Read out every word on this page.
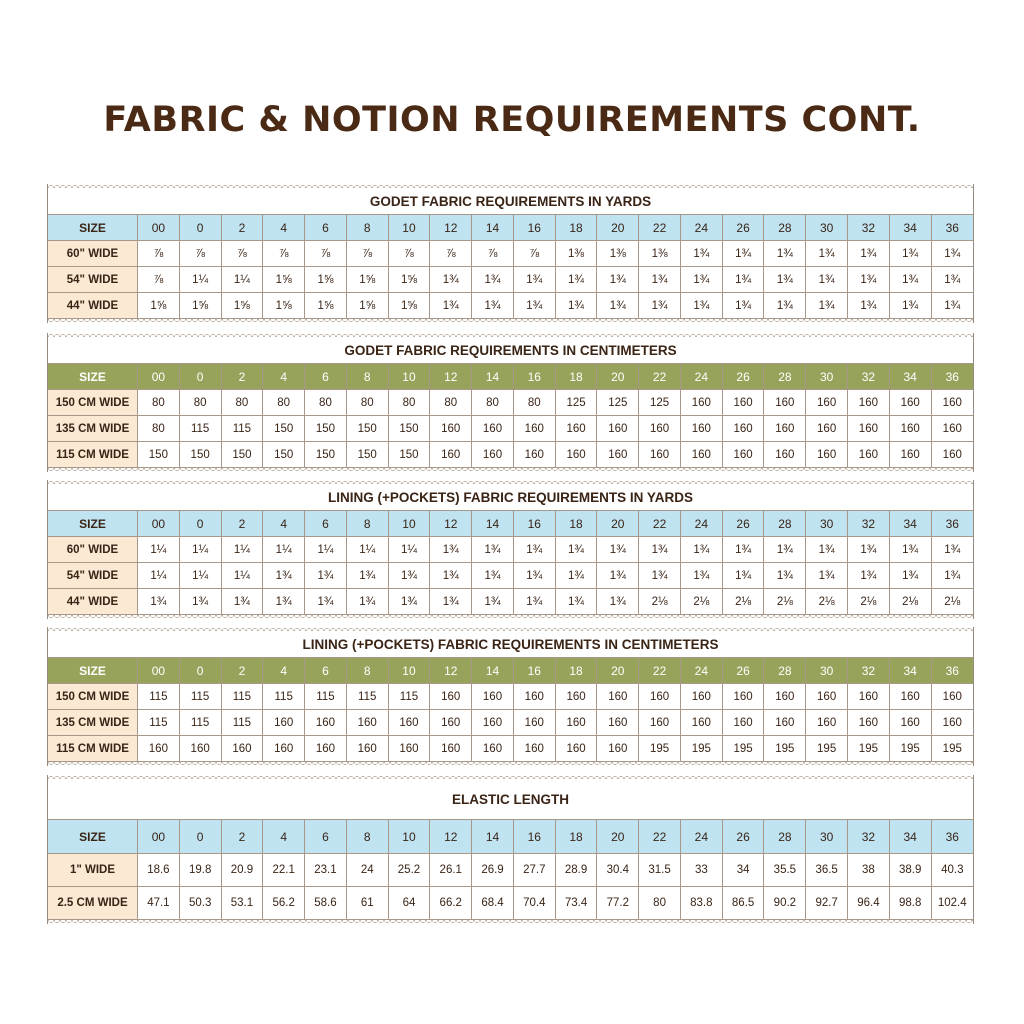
FABRIC & NOTION REQUIREMENTS CONT.
GODET FABRIC REQUIREMENTS IN YARDS
SIZE	00	0	2	4	6	8	10	12	14	16	18	20	22	24	26	28	30	32	34	36
60" WIDE	⅞	⅞	⅞	⅞	⅞	⅞	⅞	⅞	⅞	⅞	1⅜	1⅜	1⅜	1¾	1¾	1¾	1¾	1¾	1¾	1¾
54" WIDE	⅞	1¼	1¼	1⅝	1⅝	1⅝	1⅝	1¾	1¾	1¾	1¾	1¾	1¾	1¾	1¾	1¾	1¾	1¾	1¾	1¾
44" WIDE	1⅝	1⅝	1⅝	1⅝	1⅝	1⅝	1⅝	1¾	1¾	1¾	1¾	1¾	1¾	1¾	1¾	1¾	1¾	1¾	1¾	1¾
GODET FABRIC REQUIREMENTS IN CENTIMETERS
SIZE	00	0	2	4	6	8	10	12	14	16	18	20	22	24	26	28	30	32	34	36
150 CM WIDE	80	80	80	80	80	80	80	80	80	80	125	125	125	160	160	160	160	160	160	160
135 CM WIDE	80	115	115	150	150	150	150	160	160	160	160	160	160	160	160	160	160	160	160	160
115 CM WIDE	150	150	150	150	150	150	150	160	160	160	160	160	160	160	160	160	160	160	160	160
LINING (+POCKETS) FABRIC REQUIREMENTS IN YARDS
SIZE	00	0	2	4	6	8	10	12	14	16	18	20	22	24	26	28	30	32	34	36
60" WIDE	1¼	1¼	1¼	1¼	1¼	1¼	1¼	1¾	1¾	1¾	1¾	1¾	1¾	1¾	1¾	1¾	1¾	1¾	1¾	1¾
54" WIDE	1¼	1¼	1¼	1¾	1¾	1¾	1¾	1¾	1¾	1¾	1¾	1¾	1¾	1¾	1¾	1¾	1¾	1¾	1¾	1¾
44" WIDE	1¾	1¾	1¾	1¾	1¾	1¾	1¾	1¾	1¾	1¾	1¾	1¾	2⅛	2⅛	2⅛	2⅛	2⅛	2⅛	2⅛	2⅛
LINING (+POCKETS) FABRIC REQUIREMENTS IN CENTIMETERS
SIZE	00	0	2	4	6	8	10	12	14	16	18	20	22	24	26	28	30	32	34	36
150 CM WIDE	115	115	115	115	115	115	115	160	160	160	160	160	160	160	160	160	160	160	160	160
135 CM WIDE	115	115	115	160	160	160	160	160	160	160	160	160	160	160	160	160	160	160	160	160
115 CM WIDE	160	160	160	160	160	160	160	160	160	160	160	160	195	195	195	195	195	195	195	195
ELASTIC LENGTH
SIZE	00	0	2	4	6	8	10	12	14	16	18	20	22	24	26	28	30	32	34	36
1" WIDE	18.6	19.8	20.9	22.1	23.1	24	25.2	26.1	26.9	27.7	28.9	30.4	31.5	33	34	35.5	36.5	38	38.9	40.3
2.5 CM WIDE	47.1	50.3	53.1	56.2	58.6	61	64	66.2	68.4	70.4	73.4	77.2	80	83.8	86.5	90.2	92.7	96.4	98.8	102.4
